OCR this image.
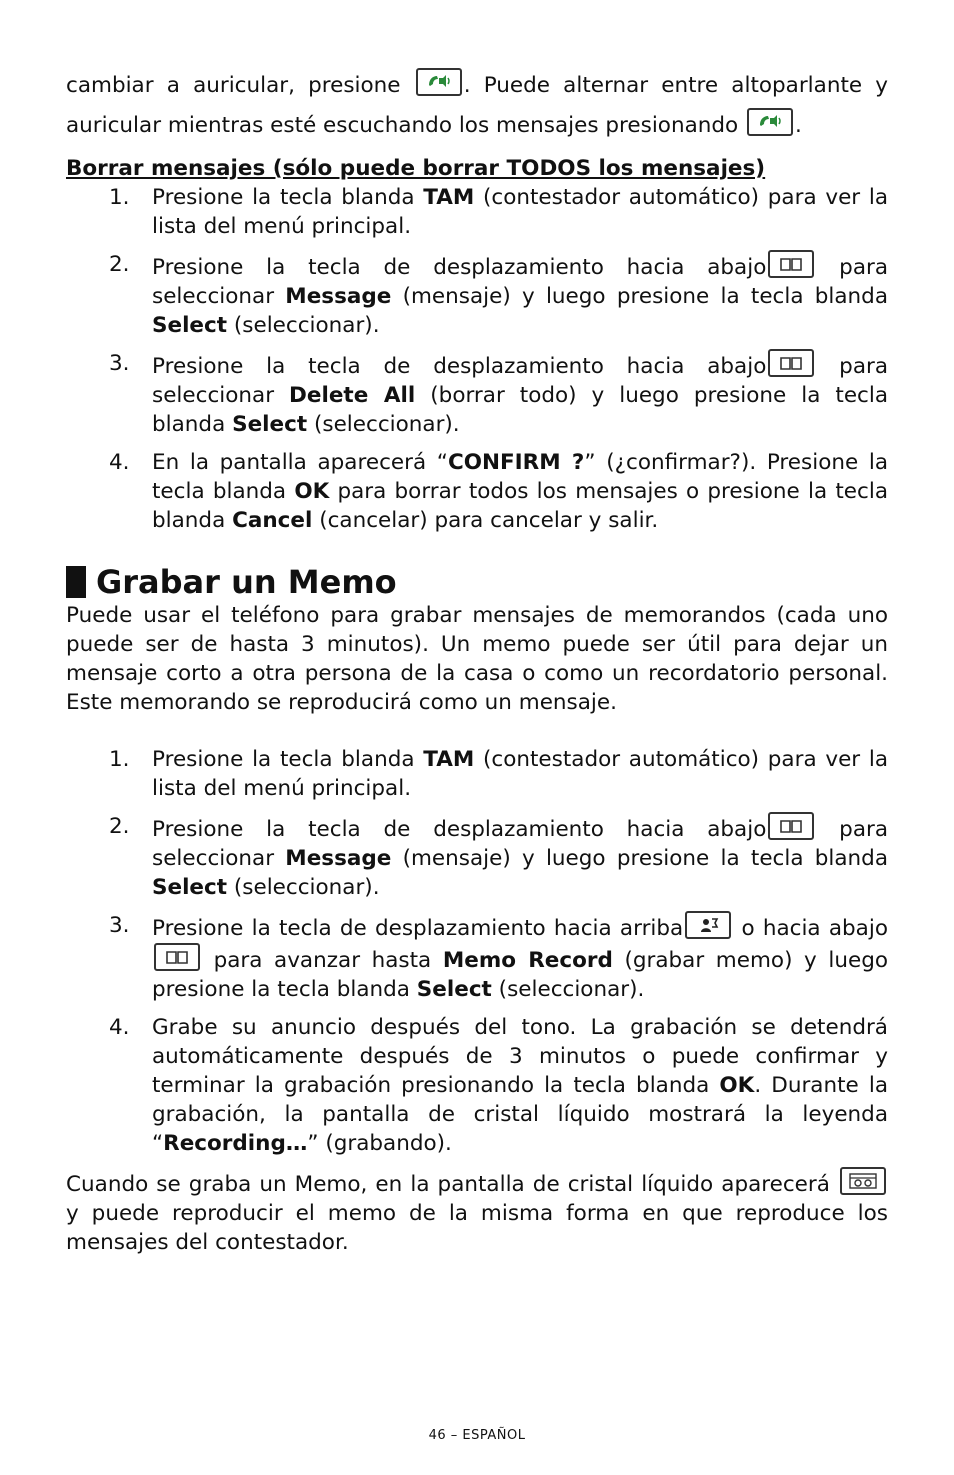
cambiar a auricular, presione	. Puede alternar entre altoparlante y auricular mientras esté escuchando los mensajes presionando	.

Borrar mensajes (sólo puede borrar TODOS los mensajes)

1. Presione la tecla blanda TAM (contestador automático) para ver la lista del menú principal.
2. Presione la tecla de desplazamiento hacia abajo
para seleccionar Message (mensaje) y luego presione la tecla blanda Select (seleccionar).
3. Presione la tecla de desplazamiento hacia abajo
para seleccionar Delete All (borrar todo) y luego presione la tecla blanda Select (seleccionar).
4. En la pantalla aparecerá “CONFIRM ?” (¿confirmar?). Presione la tecla blanda OK para borrar todos los mensajes o presione la tecla blanda Cancel (cancelar) para cancelar y salir.
Grabar un Memo

Puede usar el teléfono para grabar mensajes de memorandos (cada uno puede ser de hasta 3 minutos). Un memo puede ser útil para dejar un mensaje corto a otra persona de la casa o como un recordatorio personal. Este memorando se reproducirá como un mensaje.

1. Presione la tecla blanda TAM (contestador automático) para ver la lista del menú principal.
2. Presione la tecla de desplazamiento hacia abajo
para seleccionar Message (mensaje) y luego presione la tecla blanda Select (seleccionar).
3. Presione la tecla de desplazamiento hacia arriba
o hacia abajo
para avanzar hasta Memo Record (grabar memo) y luego presione la tecla blanda Select (seleccionar).
4. Grabe su anuncio después del tono. La grabación se detendrá automáticamente después de 3 minutos o puede confirmar y terminar la grabación presionando la tecla blanda OK. Durante la grabación, la pantalla de cristal líquido mostrará la leyenda “Recording…” (grabando).

Cuando se graba un Memo, en la pantalla de cristal líquido aparecerá
y puede reproducir el memo de la misma forma en que reproduce los mensajes del contestador.

46 – ESPAÑOL
